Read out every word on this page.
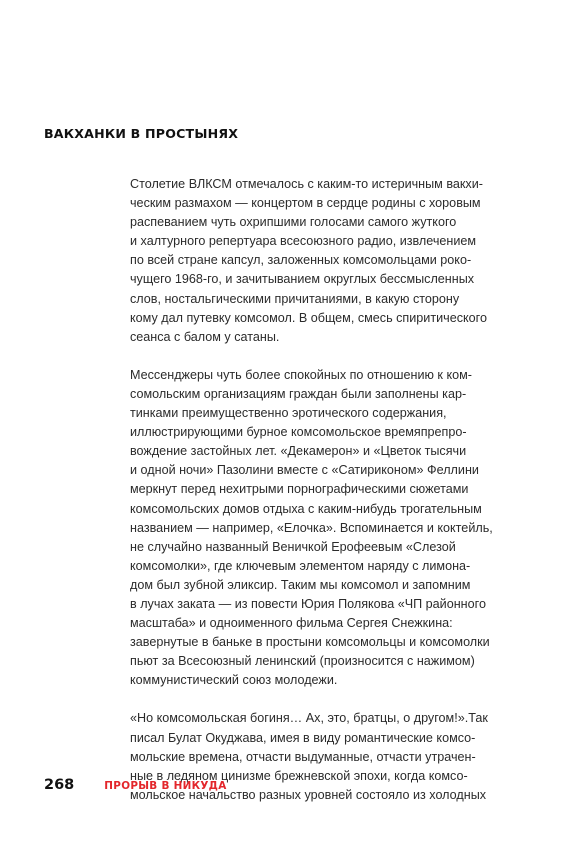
ВАКХАНКИ В ПРОСТЫНЯХ

Столетие ВЛКСМ отмечалось с каким-то истеричным вакхи-
ческим размахом — концертом в сердце родины с хоровым
распеванием чуть охрипшими голосами самого жуткого
и халтурного репертуара всесоюзного радио, извлечением
по всей стране капсул, заложенных комсомольцами роко-
чущего 1968-го, и зачитыванием округлых бессмысленных
слов, ностальгическими причитаниями, в какую сторону
кому дал путевку комсомол. В общем, смесь спиритического
сеанса с балом у сатаны.

Мессенджеры чуть более спокойных по отношению к ком-
сомольским организациям граждан были заполнены кар-
тинками преимущественно эротического содержания,
иллюстрирующими бурное комсомольское времяпрепро-
вождение застойных лет. «Декамерон» и «Цветок тысячи
и одной ночи» Пазолини вместе с «Сатириконом» Феллини
меркнут перед нехитрыми порнографическими сюжетами
комсомольских домов отдыха с каким-нибудь трогательным
названием — например, «Елочка». Вспоминается и коктейль,
не случайно названный Веничкой Ерофеевым «Слезой
комсомолки», где ключевым элементом наряду с лимона-
дом был зубной эликсир. Таким мы комсомол и запомним
в лучах заката — из повести Юрия Полякова «ЧП районного
масштаба» и одноименного фильма Сергея Снежкина:
завернутые в баньке в простыни комсомольцы и комсомолки
пьют за Всесоюзный ленинский (произносится с нажимом)
коммунистический союз молодежи.

«Но комсомольская богиня… Ах, это, братцы, о другом!».Так
писал Булат Окуджава, имея в виду романтические комсо-
мольские времена, отчасти выдуманные, отчасти утрачен-
ные в ледяном цинизме брежневской эпохи, когда комсо-
мольское начальство разных уровней состояло из холодных

268	ПРОРЫВ В НИКУДА
